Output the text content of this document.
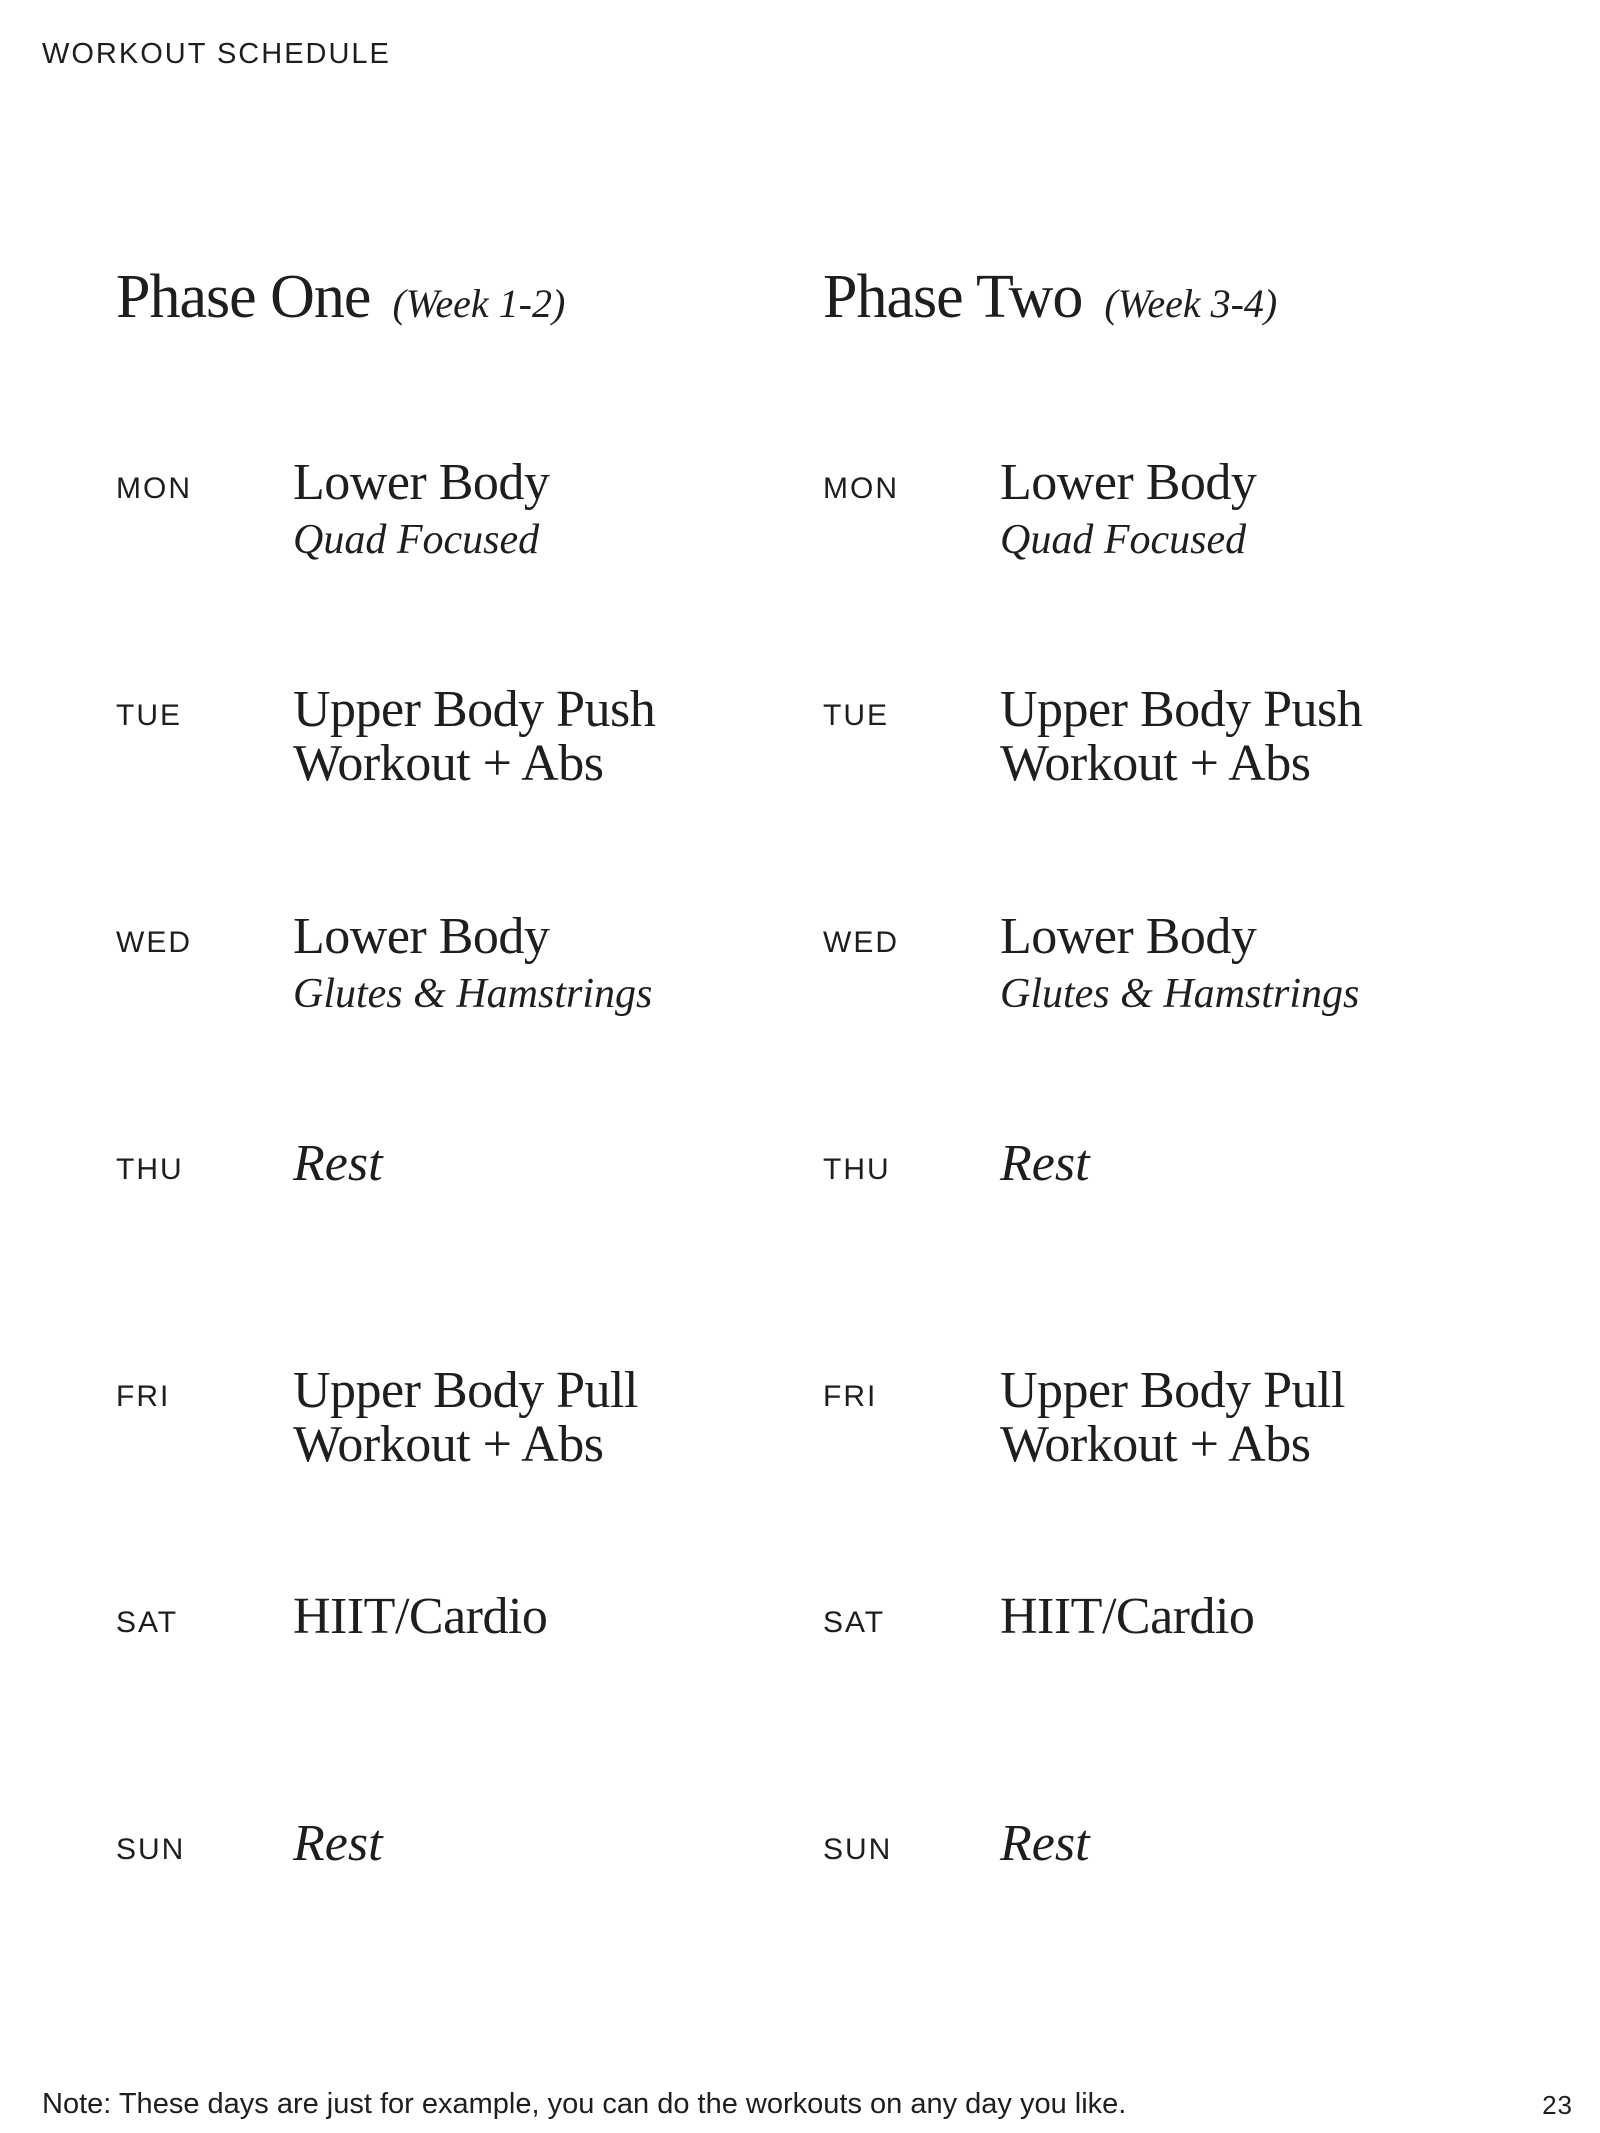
WORKOUT SCHEDULE
Phase One (Week 1-2)	Phase Two (Week 3-4)
MON Lower Body
Quad Focused
TUE Upper Body Push
Workout + Abs
WED Lower Body
Glutes & Hamstrings
THU Rest
FRI Upper Body Pull
Workout + Abs
SAT HIIT/Cardio
SUN Rest
MON Lower Body
Quad Focused
TUE Upper Body Push
Workout + Abs
WED Lower Body
Glutes & Hamstrings
THU Rest
FRI Upper Body Pull
Workout + Abs
SAT HIIT/Cardio
SUN Rest
Note: These days are just for example, you can do the workouts on any day you like.	23
